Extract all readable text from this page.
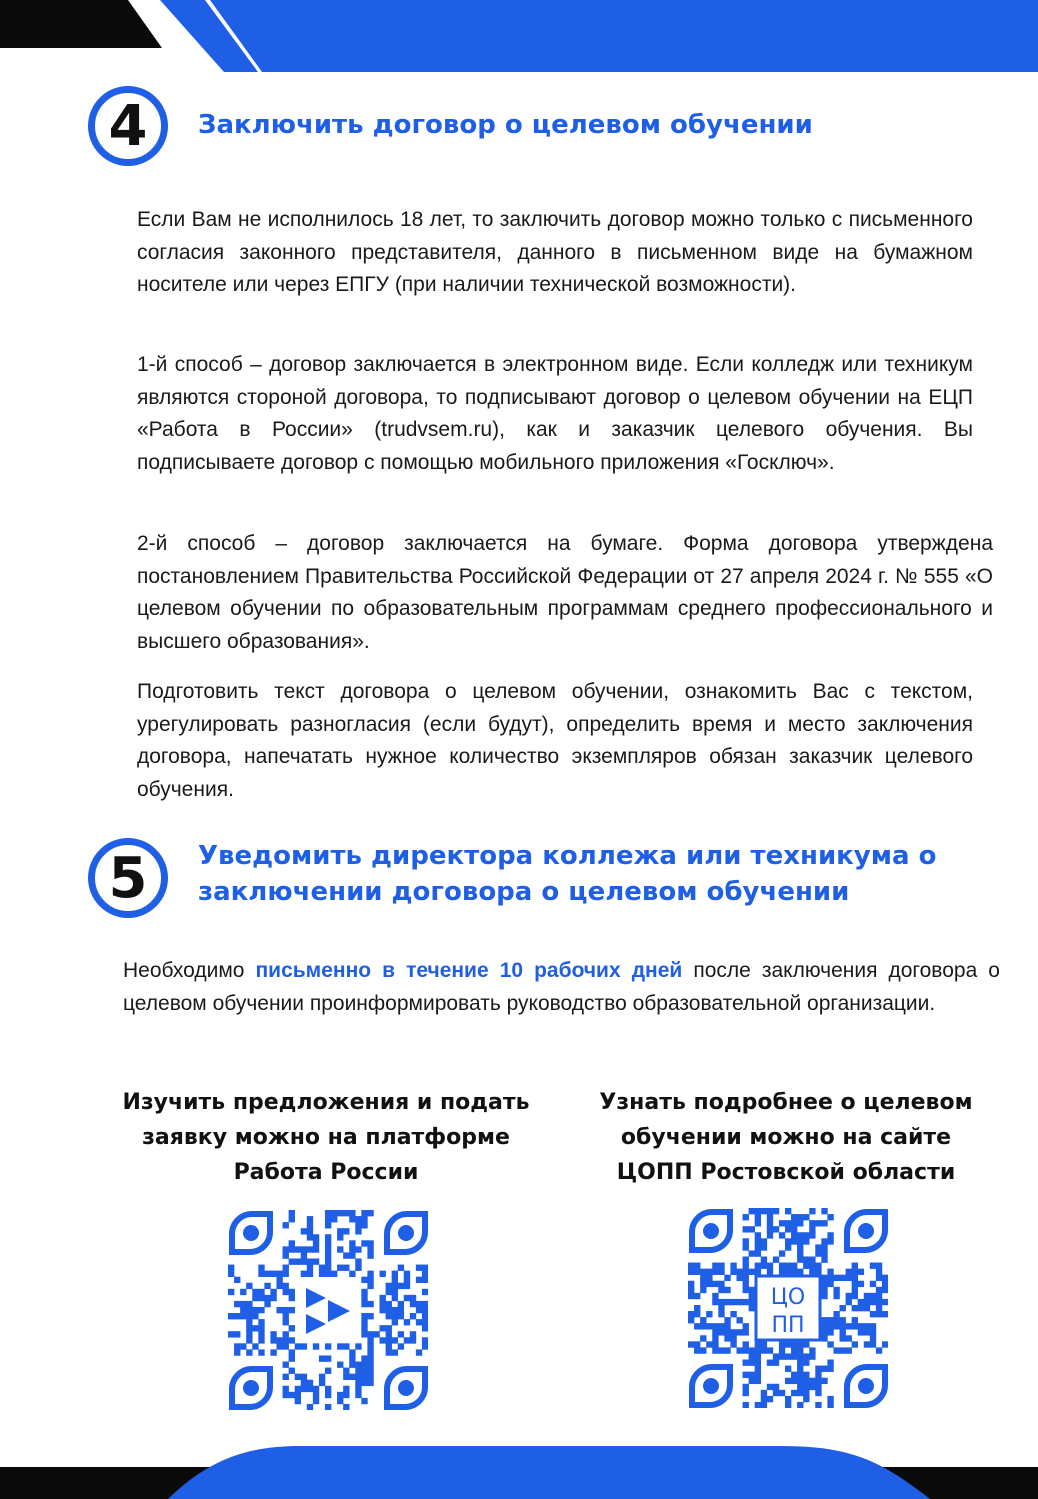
4 Заключить договор о целевом обучении

Если Вам не исполнилось 18 лет, то заключить договор можно только с письменного согласия законного представителя, данного в письменном виде на бумажном носителе или через ЕПГУ (при наличии технической возможности).

1-й способ – договор заключается в электронном виде. Если колледж или техникум являются стороной договора, то подписывают договор о целевом обучении на ЕЦП «Работа в России» (trudvsem.ru), как и заказчик целевого обучения. Вы подписываете договор с помощью мобильного приложения «Госключ».

2-й способ – договор заключается на бумаге. Форма договора утверждена постановлением Правительства Российской Федерации от 27 апреля 2024 г. № 555 «О целевом обучении по образовательным программам среднего профессионального и высшего образования».

Подготовить текст договора о целевом обучении, ознакомить Вас с текстом, урегулировать разногласия (если будут), определить время и место заключения договора, напечатать нужное количество экземпляров обязан заказчик целевого обучения.

5 Уведомить директора коллежа или техникума о
заключении договора о целевом обучении

Необходимо письменно в течение 10 рабочих дней после заключения договора о целевом обучении проинформировать руководство образовательной организации.

Изучить предложения и подать
заявку можно на платформе
Работа России
Узнать подробнее о целевом
обучении можно на сайте
ЦОПП Ростовской области
ЦО
ПП
